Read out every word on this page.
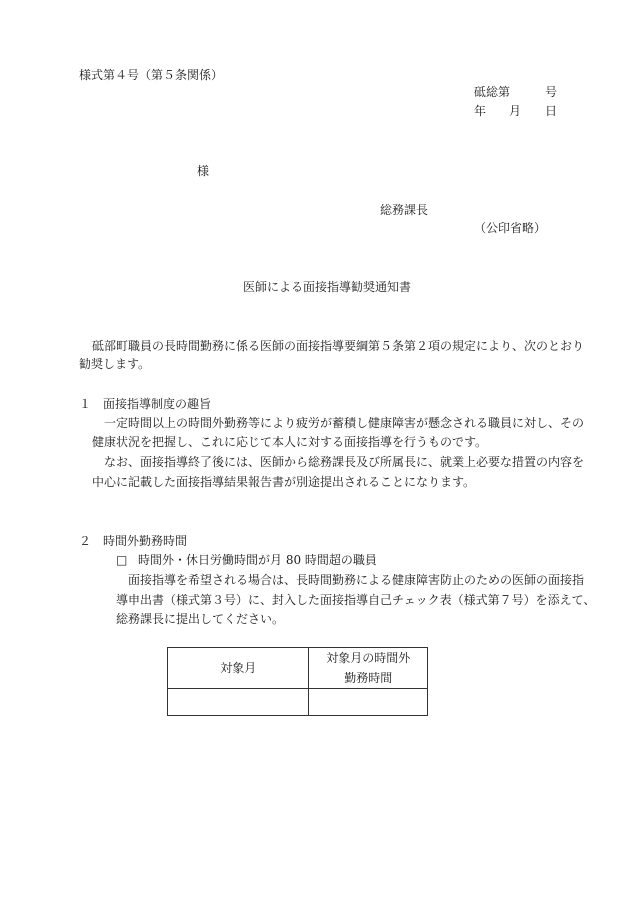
様式第４号（第５条関係）
砥総第	号
年 月 日
様
総務課長
（公印省略）
医師による面接指導勧奨通知書
砥部町職員の長時間勤務に係る医師の面接指導要綱第５条第２項の規定により、次のとおり
勧奨します。
１　面接指導制度の趣旨
一定時間以上の時間外勤務等により疲労が蓄積し健康障害が懸念される職員に対し、その
健康状況を把握し、これに応じて本人に対する面接指導を行うものです。
なお、面接指導終了後には、医師から総務課長及び所属長に、就業上必要な措置の内容を
中心に記載した面接指導結果報告書が別途提出されることになります。
２　時間外勤務時間
□ 時間外・休日労働時間が月 80 時間超の職員
面接指導を希望される場合は、長時間勤務による健康障害防止のための医師の面接指
導申出書（様式第３号）に、封入した面接指導自己チェック表（様式第７号）を添えて、
総務課長に提出してください。
対象月	対象月の時間外
勤務時間
